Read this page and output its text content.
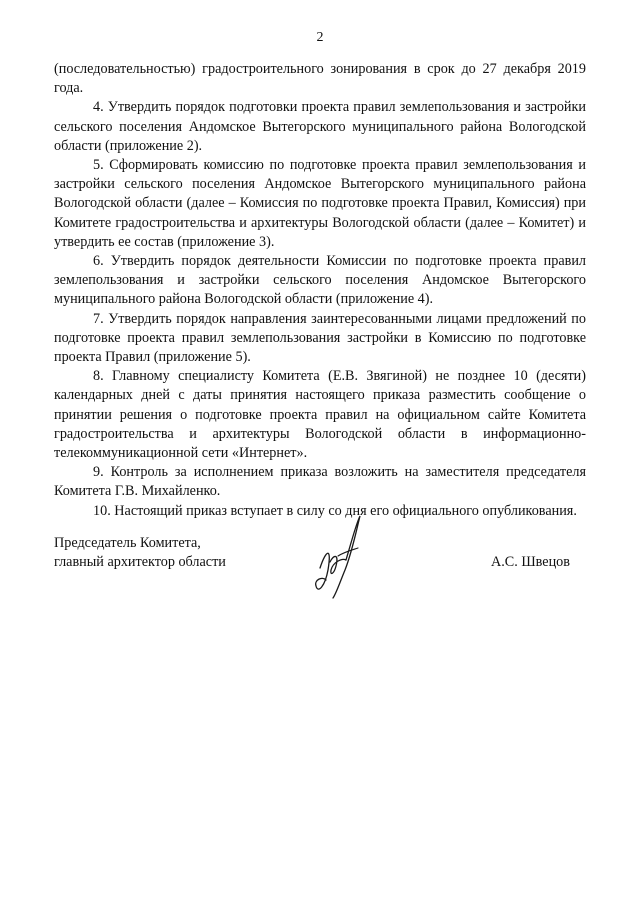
2

(последовательностью) градостроительного зонирования в срок до 27 декабря 2019 года.

4. Утвердить порядок подготовки проекта правил землепользования и застройки сельского поселения Андомское Вытегорского муниципального района Вологодской области (приложение 2).

5. Сформировать комиссию по подготовке проекта правил землепользования и застройки сельского поселения Андомское Вытегорского муниципального района Вологодской области (далее – Комиссия по подготовке проекта Правил, Комиссия) при Комитете градостроительства и архитектуры Вологодской области (далее – Комитет) и утвердить ее состав (приложение 3).

6. Утвердить порядок деятельности Комиссии по подготовке проекта правил землепользования и застройки сельского поселения Андомское Вытегорского муниципального района Вологодской области (приложение 4).

7. Утвердить порядок направления заинтересованными лицами предложений по подготовке проекта правил землепользования застройки в Комиссию по подготовке проекта Правил (приложение 5).

8. Главному специалисту Комитета (Е.В. Звягиной) не позднее 10 (десяти) календарных дней с даты принятия настоящего приказа разместить сообщение о принятии решения о подготовке проекта правил на официальном сайте Комитета градостроительства и архитектуры Вологодской области в информационно-телекоммуникационной сети «Интернет».

9. Контроль за исполнением приказа возложить на заместителя председателя Комитета Г.В. Михайленко.

10. Настоящий приказ вступает в силу со дня его официального опубликования.

Председатель Комитета,
главный архитектор области	А.С. Швецов
